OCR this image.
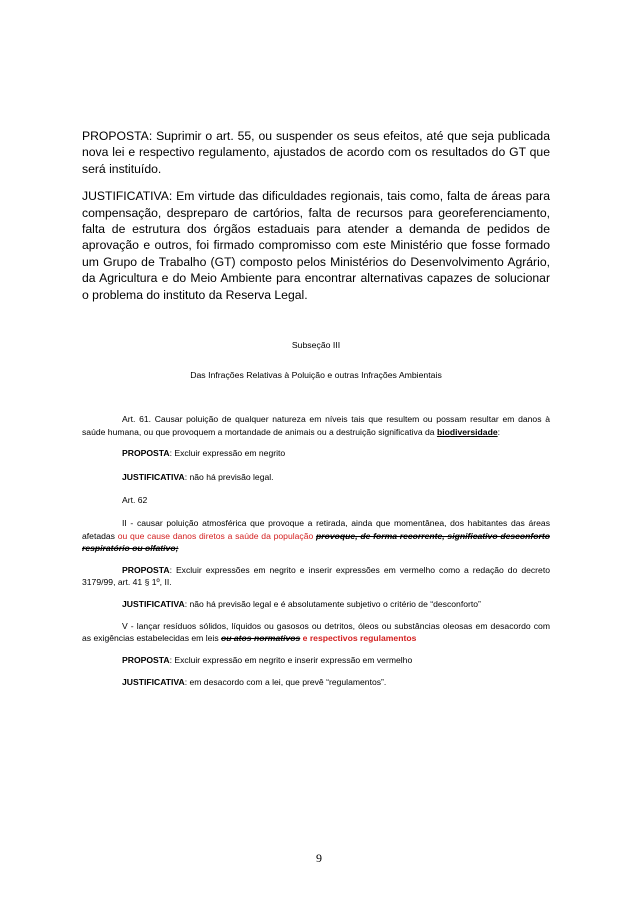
PROPOSTA: Suprimir o art. 55, ou suspender os seus efeitos, até que seja publicada nova lei e respectivo regulamento, ajustados de acordo com os resultados do GT que será instituído.

JUSTIFICATIVA: Em virtude das dificuldades regionais, tais como, falta de áreas para compensação, despreparo de cartórios, falta de recursos para georeferenciamento, falta de estrutura dos órgãos estaduais para atender a demanda de pedidos de aprovação e outros, foi firmado compromisso com este Ministério que fosse formado um Grupo de Trabalho (GT) composto pelos Ministérios do Desenvolvimento Agrário, da Agricultura e do Meio Ambiente para encontrar alternativas capazes de solucionar o problema do instituto da Reserva Legal.

Subseção III
Das Infrações Relativas à Poluição e outras Infrações Ambientais

Art. 61. Causar poluição de qualquer natureza em níveis tais que resultem ou possam resultar em danos à saúde humana, ou que provoquem a mortandade de animais ou a destruição significativa da biodiversidade:

PROPOSTA: Excluir expressão em negrito

JUSTIFICATIVA: não há previsão legal.

Art. 62

II - causar poluição atmosférica que provoque a retirada, ainda que momentânea, dos habitantes das áreas afetadas ou que cause danos diretos a saúde da população provoque, de forma recorrente, significativo desconforto respiratório ou olfativo;

PROPOSTA: Excluir expressões em negrito e inserir expressões em vermelho como a redação do decreto 3179/99, art. 41 § 1º, II.

JUSTIFICATIVA: não há previsão legal e é absolutamente subjetivo o critério de “desconforto”

V - lançar resíduos sólidos, líquidos ou gasosos ou detritos, óleos ou substâncias oleosas em desacordo com as exigências estabelecidas em leis ou atos normativos e respectivos regulamentos

PROPOSTA: Excluir expressão em negrito e inserir expressão em vermelho

JUSTIFICATIVA: em desacordo com a lei, que prevê “regulamentos”.

9
